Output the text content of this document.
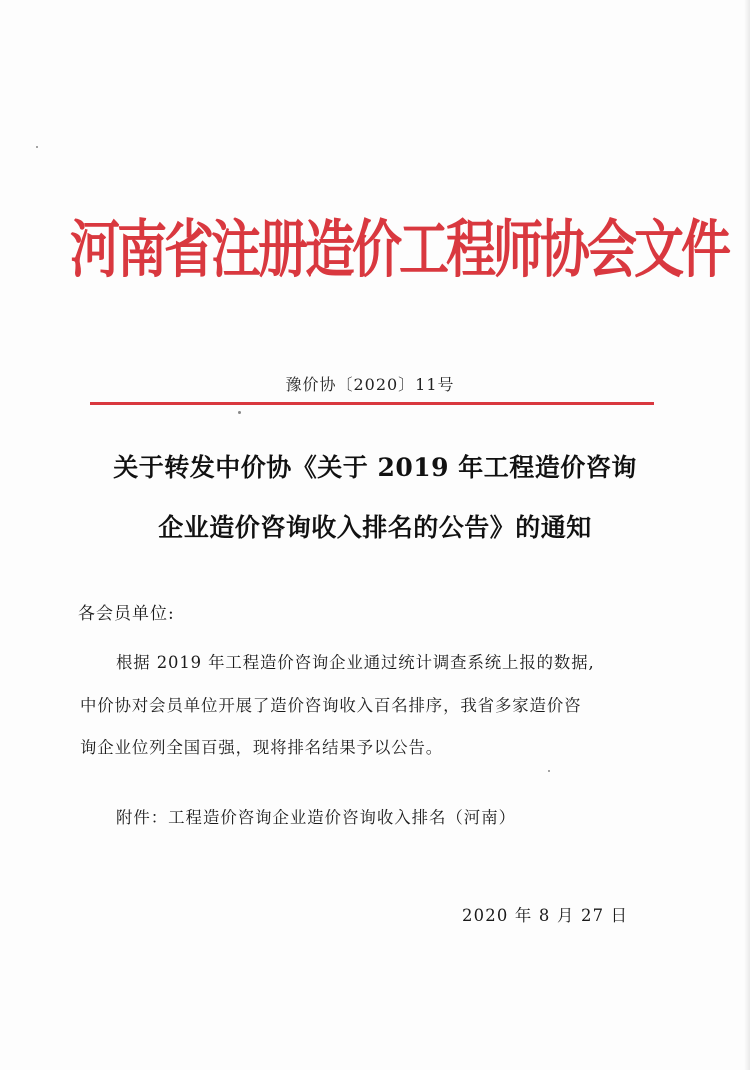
河南省注册造价工程师协会文件
豫价协〔2020〕11号
关于转发中价协《关于 2019 年工程造价咨询
企业造价咨询收入排名的公告》的通知
各会员单位:
根据 2019 年工程造价咨询企业通过统计调查系统上报的数据,
中价协对会员单位开展了造价咨询收入百名排序，我省多家造价咨
询企业位列全国百强，现将排名结果予以公告。
附件：工程造价咨询企业造价咨询收入排名（河南）
2020 年 8 月 27 日
